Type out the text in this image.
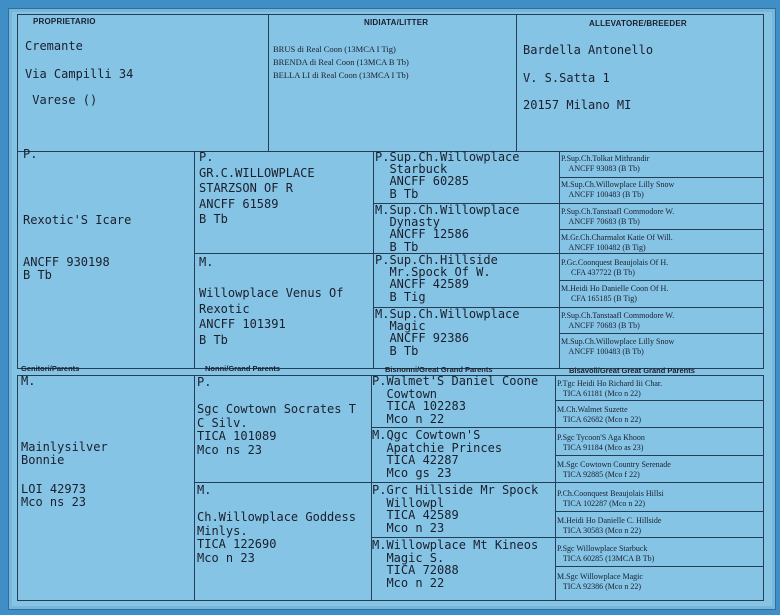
PROPRIETARIO	NIDIATA/LITTER	ALLEVATORE/BREEDER
Cremante
Via Campilli 34
Varese ()
BRUS di Real Coon (13MCA I Tig)
BRENDA di Real Coon (13MCA B Tb)
BELLA LI di Real Coon (13MCA I Tb)
Bardella Antonello
V. S.Satta 1
20157 Milano MI
P.
Rexotic'S Icare
ANCFF 930198
B Tb
P.
GR.C.WILLOWPLACE
STARZSON OF R
ANCFF 61589
B Tb
M.

Willowplace Venus Of
Rexotic
ANCFF 101391
B Tb
P.Sup.Ch.Willowplace
Starbuck
ANCFF 60285
B Tb
M.Sup.Ch.Willowplace
Dynasty
ANCFF 12586
B Tb
P.Sup.Ch.Hillside
Mr.Spock Of W.
ANCFF 42589
B Tig
M.Sup.Ch.Willowplace
Magic
ANCFF 92386
B Tb
P.Sup.Ch.Tolkat Mithrandir
ANCFF 93083 (B Tb)
M.Sup.Ch.Willowplace Lilly Snow
ANCFF 100483 (B Tb)
P.Sup.Ch.Tanstaafl Commodore W.
ANCFF 70683 (B Tb)
M.Gr.Ch.Charmalot Katie Of Will.
ANCFF 100482 (B Tig)
P.Gc.Coonquest Beaujolais Of H.
CFA 437722 (B Tb)
M.Heidi Ho Danielle Coon Of H.
CFA 165185 (B Tig)
P.Sup.Ch.Tanstaafl Commodore W.
ANCFF 70683 (B Tb)
M.Sup.Ch.Willowplace Lilly Snow
ANCFF 100483 (B Tb)
Genitori/Parents	Nonni/Grand Parents	Bisnonni/Great Grand Parents	Bisavoli/Great Great Grand Parents
M.
Mainlysilver
Bonnie
LOI 42973
Mco ns 23
P.

Sgc Cowtown Socrates T
C Silv.
TICA 101089
Mco ns 23
M.

Ch.Willowplace Goddess
Minlys.
TICA 122690
Mco n 23
P.Walmet'S Daniel Coone
Cowtown
TICA 102283
Mco n 22
M.Qgc Cowtown'S
Apatchie Princes
TICA 42287
Mco gs 23
P.Grc Hillside Mr Spock
Willowpl
TICA 42589
Mco n 23
M.Willowplace Mt Kineos
Magic S.
TICA 72088
Mco n 22
P.Tgc Heidi Ho Richard Iii Char.
TICA 61181 (Mco n 22)
M.Ch.Walmet Suzette
TICA 62682 (Mco n 22)
P.Sgc Tycoon'S Aga Khoon
TICA 91184 (Mco as 23)
M.Sgc Cowtown Country Serenade
TICA 92885 (Mco f 22)
P.Ch.Coonquest Beaujolais Hillsi
TICA 102287 (Mco n 22)
M.Heidi Ho Danielle C. Hillside
TICA 30583 (Mco n 22)
P.Sgc Willowplace Starbuck
TICA 60285 (13MCA B Tb)
M.Sgc Willowplace Magic
TICA 92386 (Mco n 22)
